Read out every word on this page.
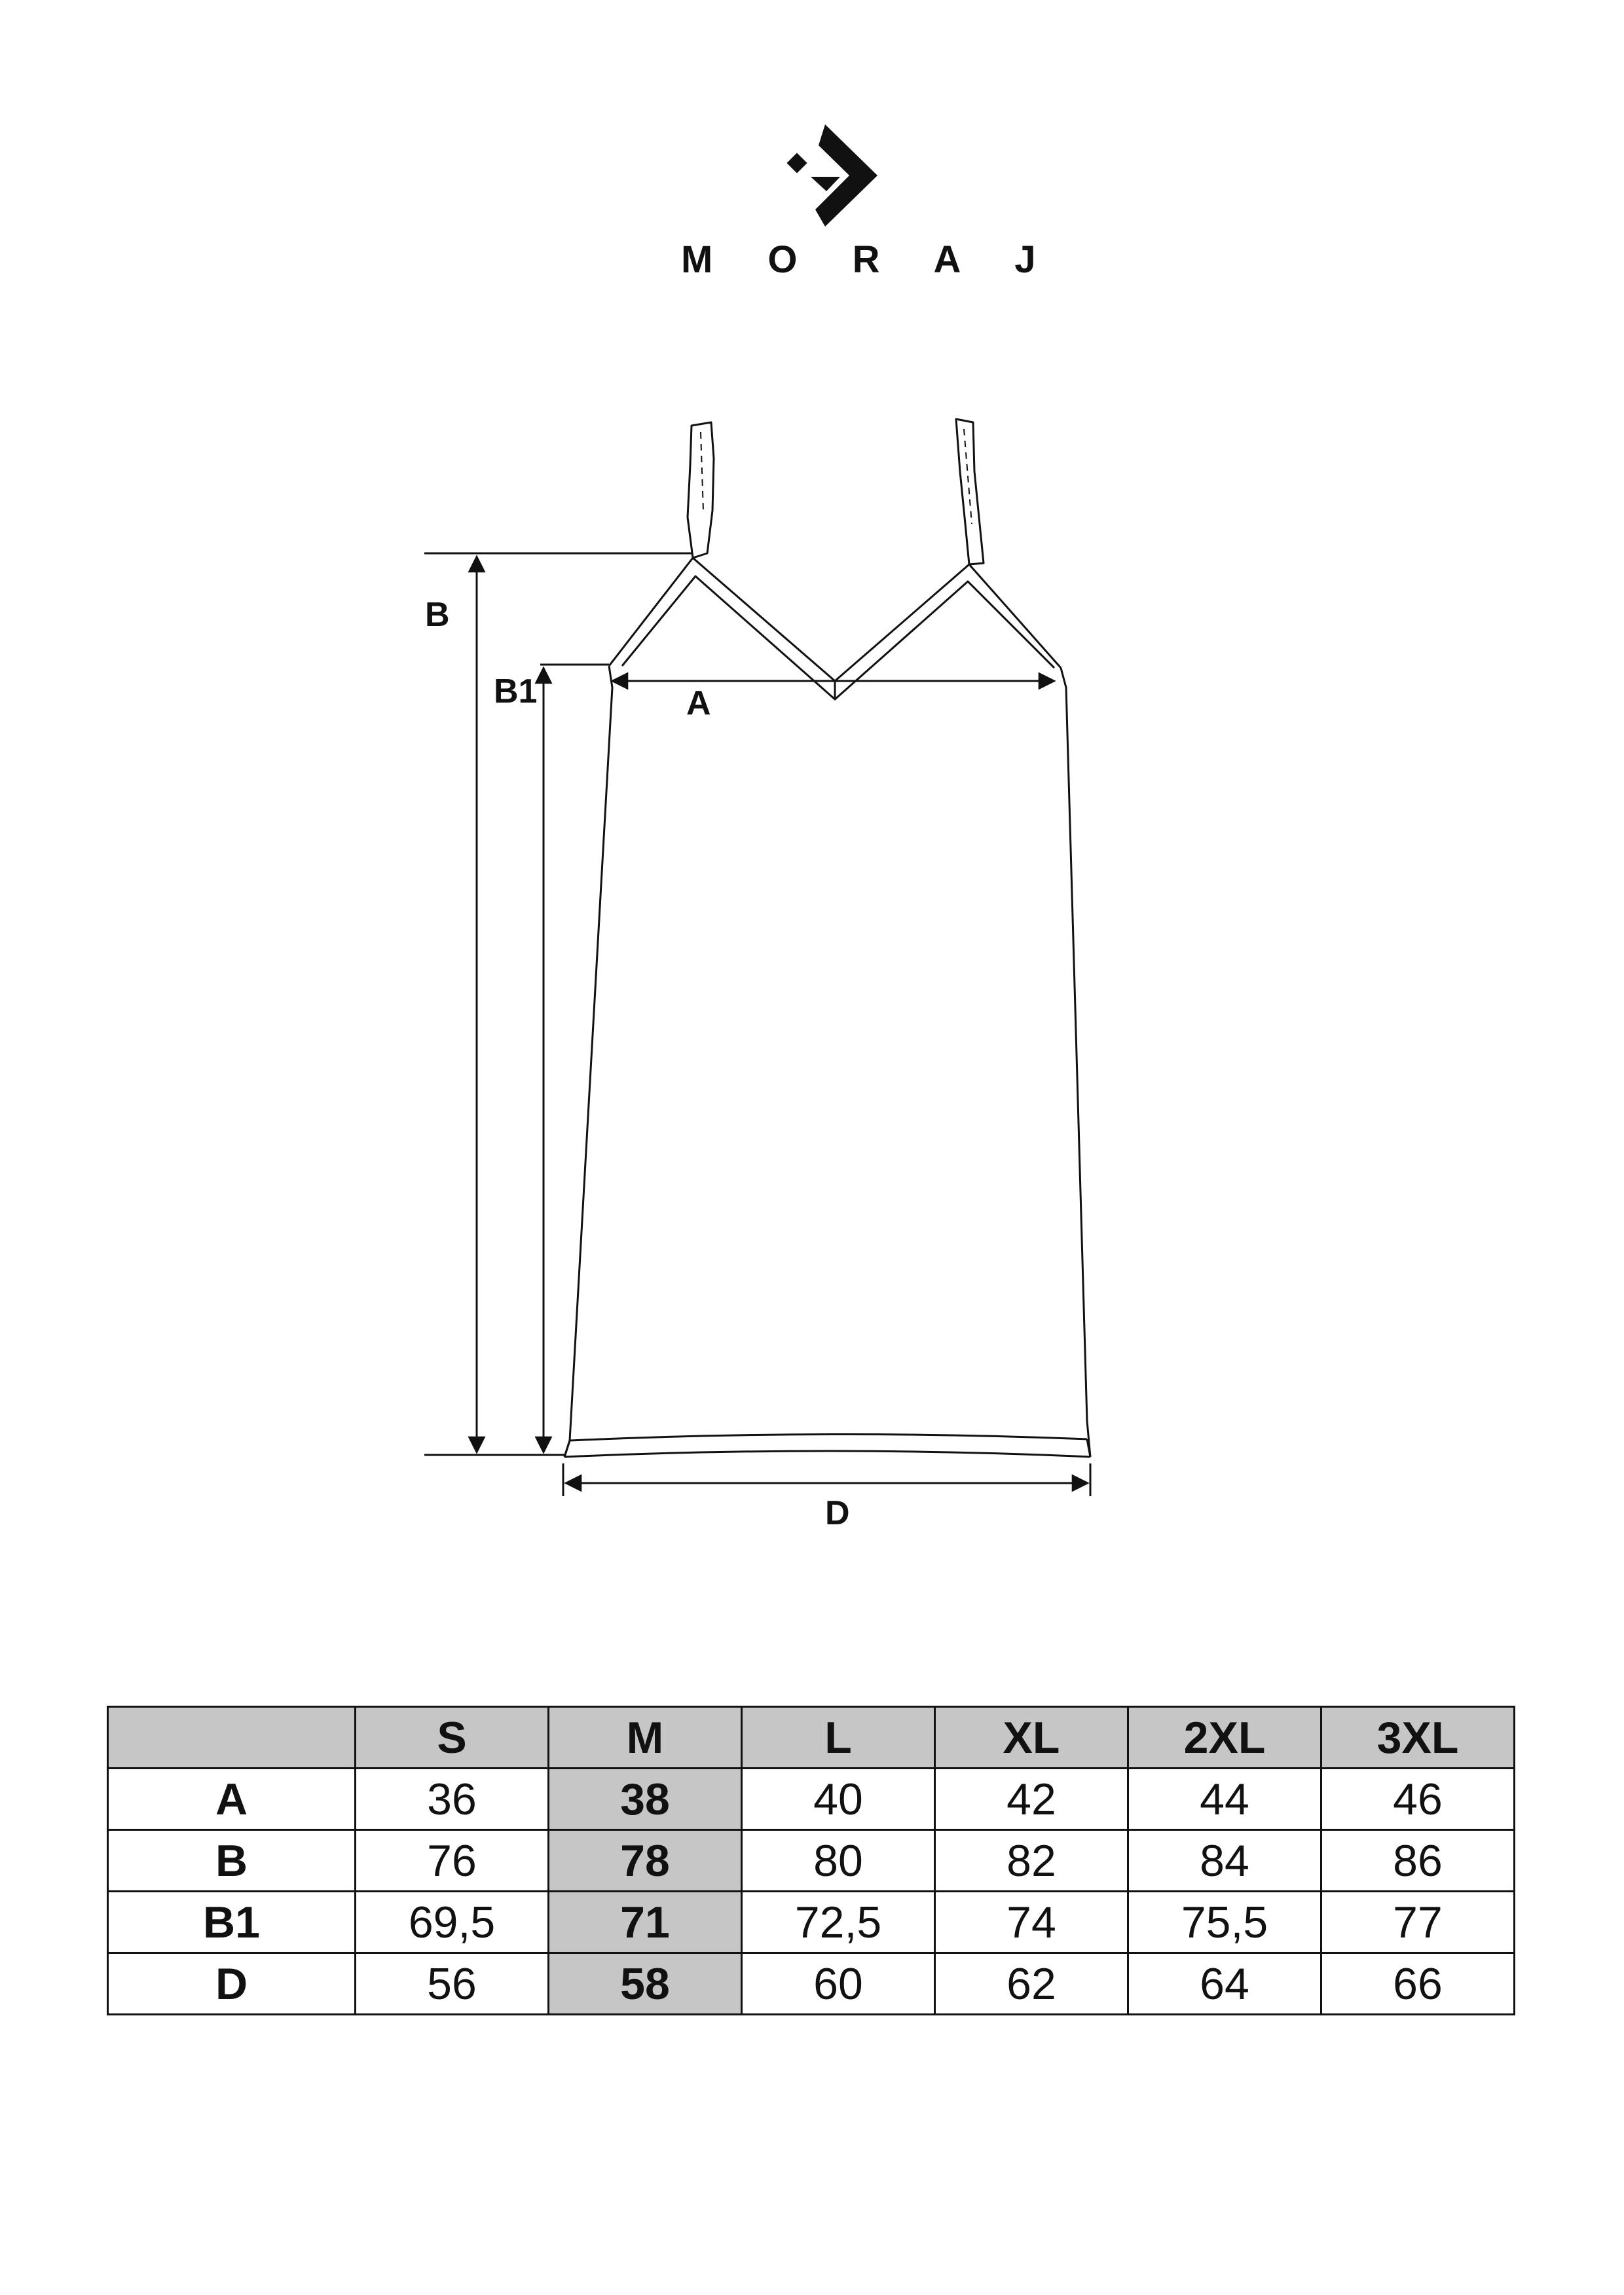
M O R A J
B
B1	A
D
	S	M	L	XL	2XL	3XL
A	36	38	40	42	44	46
B	76	78	80	82	84	86
B1	69,5	71	72,5	74	75,5	77
D	56	58	60	62	64	66
